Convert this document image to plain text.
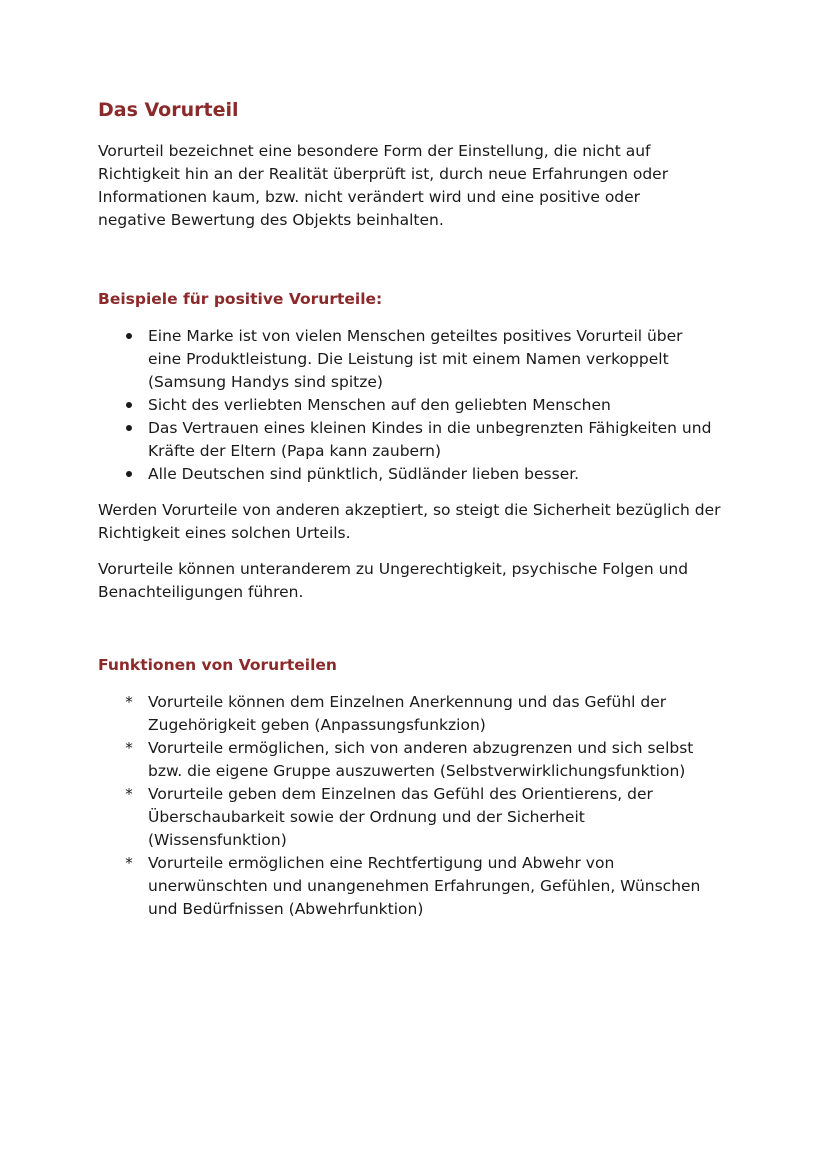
Das Vorurteil

Vorurteil bezeichnet eine besondere Form der Einstellung, die nicht auf Richtigkeit hin an der Realität überprüft ist, durch neue Erfahrungen oder Informationen kaum, bzw. nicht verändert wird und eine positive oder negative Bewertung des Objekts beinhalten.

Beispiele für positive Vorurteile:
Eine Marke ist von vielen Menschen geteiltes positives Vorurteil über eine Produktleistung. Die Leistung ist mit einem Namen verkoppelt (Samsung Handys sind spitze)
Sicht des verliebten Menschen auf den geliebten Menschen
Das Vertrauen eines kleinen Kindes in die unbegrenzten Fähigkeiten und Kräfte der Eltern (Papa kann zaubern)
Alle Deutschen sind pünktlich, Südländer lieben besser.

Werden Vorurteile von anderen akzeptiert, so steigt die Sicherheit bezüglich der Richtigkeit eines solchen Urteils.

Vorurteile können unteranderem zu Ungerechtigkeit, psychische Folgen und Benachteiligungen führen.

Funktionen von Vorurteilen
* Vorurteile können dem Einzelnen Anerkennung und das Gefühl der Zugehörigkeit geben (Anpassungsfunkzion)
* Vorurteile ermöglichen, sich von anderen abzugrenzen und sich selbst bzw. die eigene Gruppe auszuwerten (Selbstverwirklichungsfunktion)
* Vorurteile geben dem Einzelnen das Gefühl des Orientierens, der Überschaubarkeit sowie der Ordnung und der Sicherheit (Wissensfunktion)
* Vorurteile ermöglichen eine Rechtfertigung und Abwehr von unerwünschten und unangenehmen Erfahrungen, Gefühlen, Wünschen und Bedürfnissen (Abwehrfunktion)
